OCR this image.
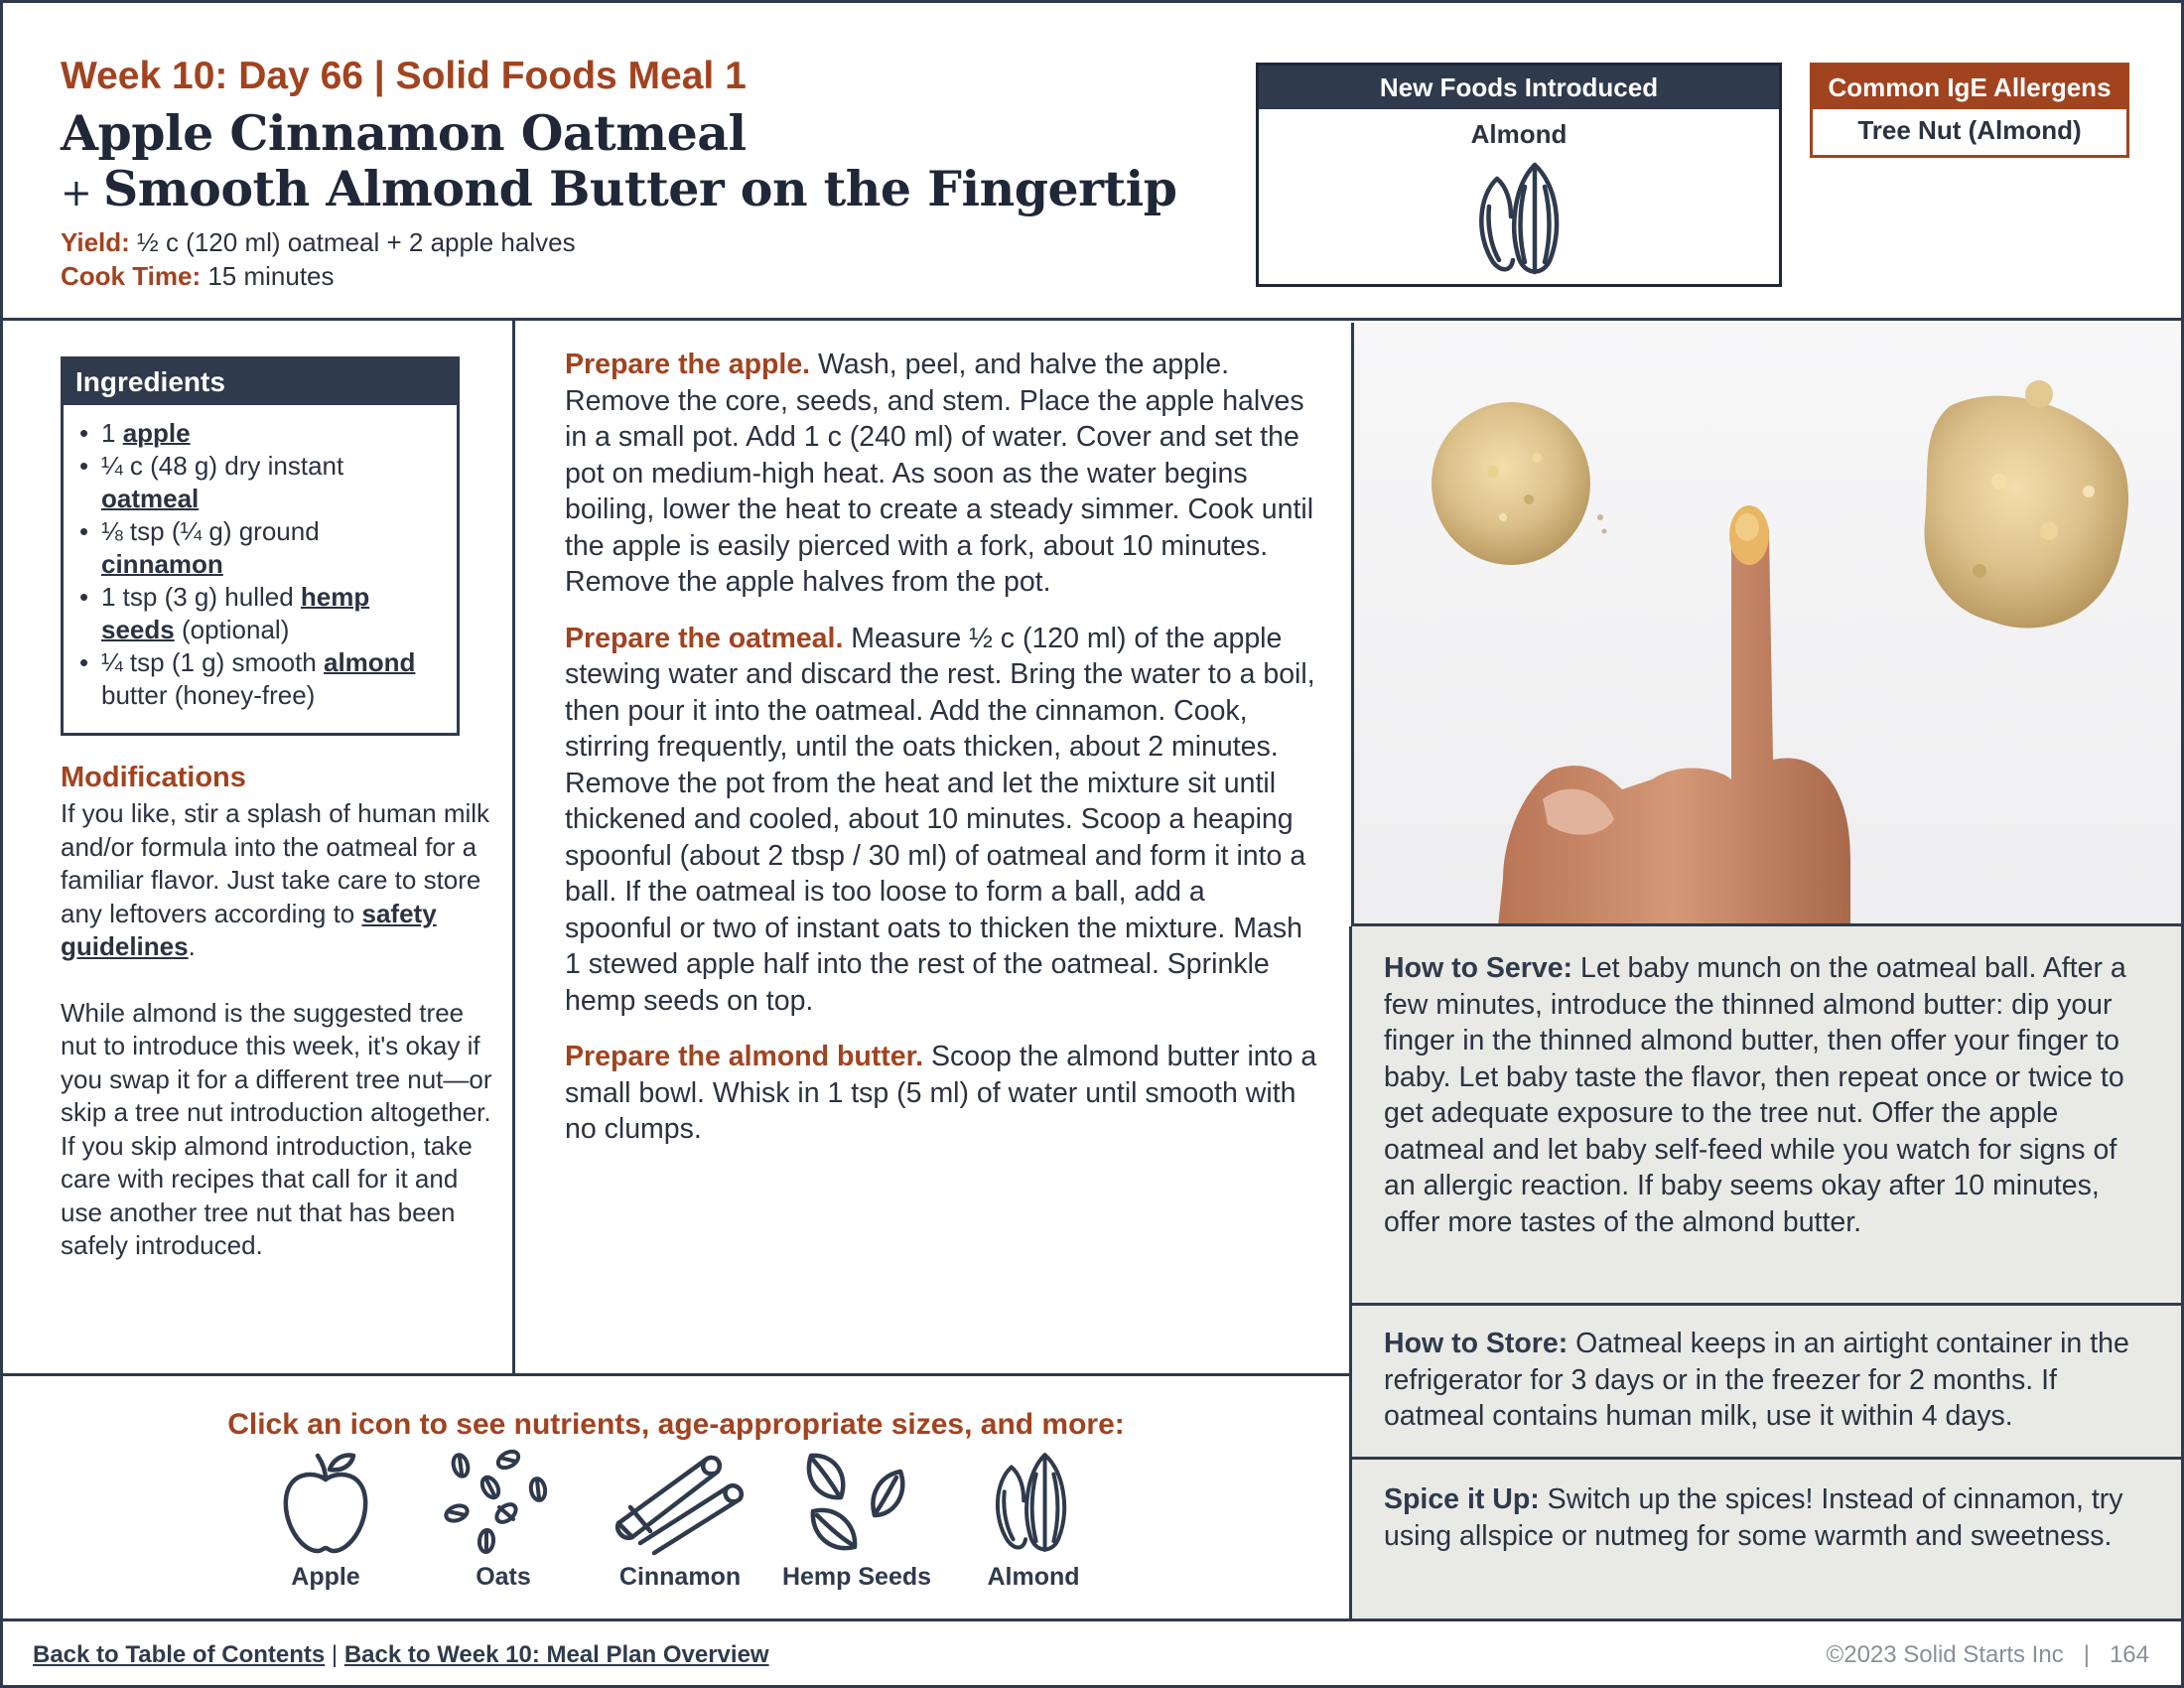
Week 10: Day 66 | Solid Foods Meal 1
Apple Cinnamon Oatmeal
+ Smooth Almond Butter on the Fingertip
Yield: ½ c (120 ml) oatmeal + 2 apple halves
Cook Time: 15 minutes
New Foods Introduced
Almond
Common IgE Allergens
Tree Nut (Almond)
Ingredients
• 1 apple
• ¼ c (48 g) dry instant oatmeal
• ⅛ tsp (¼ g) ground cinnamon
• 1 tsp (3 g) hulled hemp seeds (optional)
• ¼ tsp (1 g) smooth almond butter (honey-free)
Modifications

If you like, stir a splash of human milk and/or formula into the oatmeal for a familiar flavor. Just take care to store any leftovers according to safety guidelines.

While almond is the suggested tree nut to introduce this week, it's okay if you swap it for a different tree nut—or skip a tree nut introduction altogether. If you skip almond introduction, take care with recipes that call for it and use another tree nut that has been safely introduced.

Prepare the apple. Wash, peel, and halve the apple. Remove the core, seeds, and stem. Place the apple halves in a small pot. Add 1 c (240 ml) of water. Cover and set the pot on medium-high heat. As soon as the water begins boiling, lower the heat to create a steady simmer. Cook until the apple is easily pierced with a fork, about 10 minutes. Remove the apple halves from the pot.

Prepare the oatmeal. Measure ½ c (120 ml) of the apple stewing water and discard the rest. Bring the water to a boil, then pour it into the oatmeal. Add the cinnamon. Cook, stirring frequently, until the oats thicken, about 2 minutes. Remove the pot from the heat and let the mixture sit until thickened and cooled, about 10 minutes. Scoop a heaping spoonful (about 2 tbsp / 30 ml) of oatmeal and form it into a ball. If the oatmeal is too loose to form a ball, add a spoonful or two of instant oats to thicken the mixture. Mash 1 stewed apple half into the rest of the oatmeal. Sprinkle hemp seeds on top.

Prepare the almond butter. Scoop the almond butter into a small bowl. Whisk in 1 tsp (5 ml) of water until smooth with no clumps.

How to Serve: Let baby munch on the oatmeal ball. After a few minutes, introduce the thinned almond butter: dip your finger in the thinned almond butter, then offer your finger to baby. Let baby taste the flavor, then repeat once or twice to get adequate exposure to the tree nut. Offer the apple oatmeal and let baby self-feed while you watch for signs of an allergic reaction. If baby seems okay after 10 minutes, offer more tastes of the almond butter.
How to Store: Oatmeal keeps in an airtight container in the refrigerator for 3 days or in the freezer for 2 months. If oatmeal contains human milk, use it within 4 days.
Spice it Up: Switch up the spices! Instead of cinnamon, try using allspice or nutmeg for some warmth and sweetness.
Click an icon to see nutrients, age-appropriate sizes, and more:
Apple	Oats	Cinnamon	Hemp Seeds	Almond
Back to Table of Contents | Back to Week 10: Meal Plan Overview	©2023 Solid Starts Inc | 164
